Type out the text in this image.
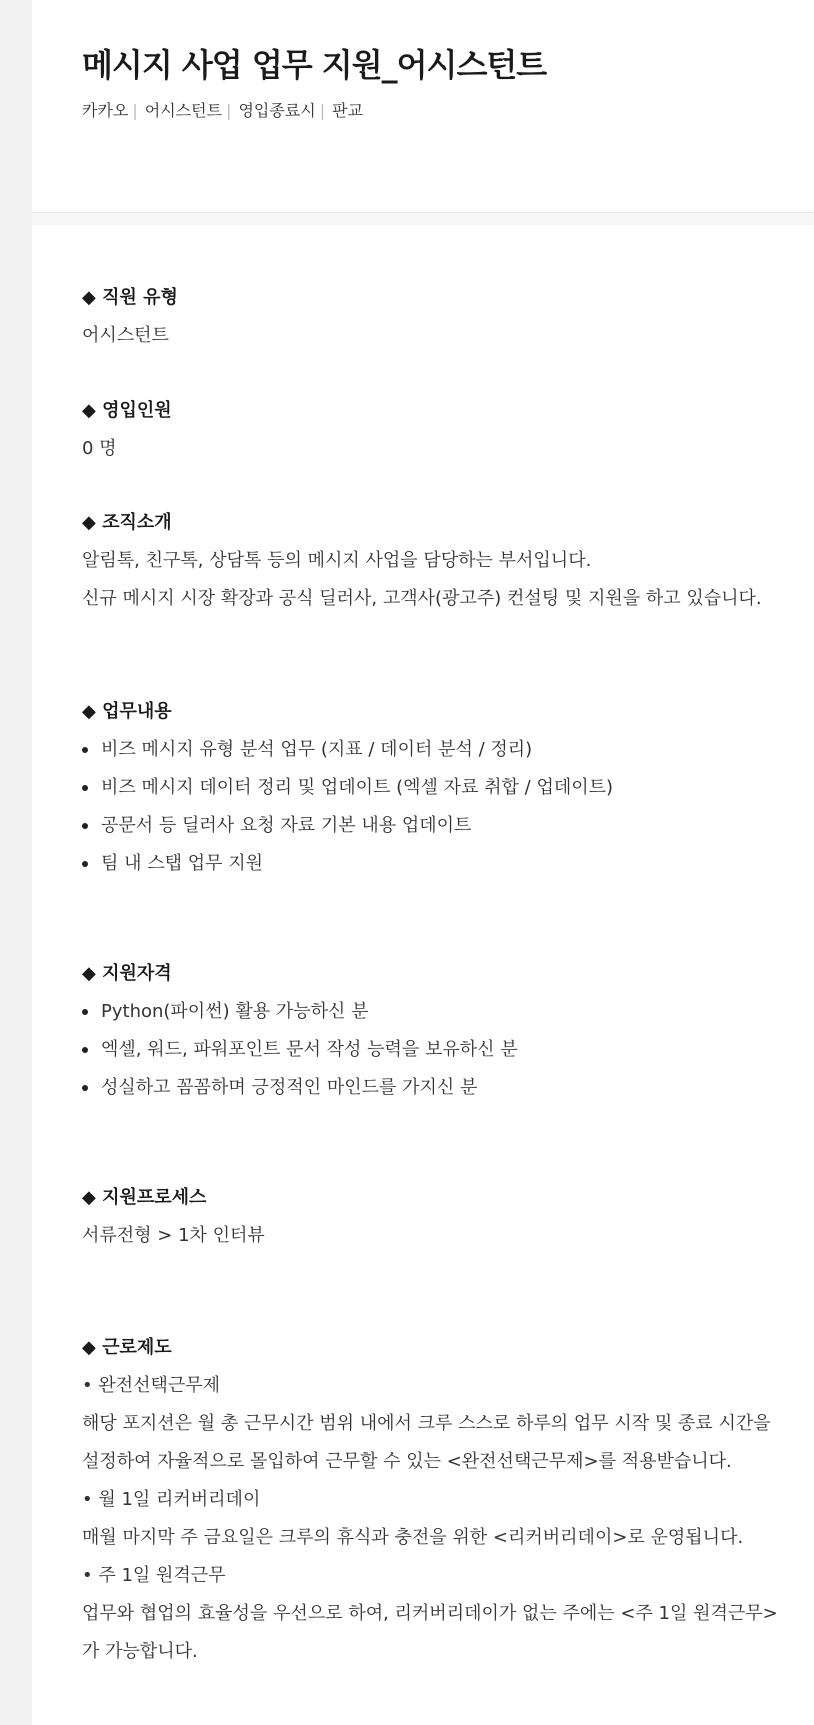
메시지 사업 업무 지원_어시스턴트
카카오 | 어시스턴트 | 영입종료시 | 판교
◆ 직원 유형

어시스턴트

◆ 영입인원

0 명

◆ 조직소개

알림톡, 친구톡, 상담톡 등의 메시지 사업을 담당하는 부서입니다.

신규 메시지 시장 확장과 공식 딜러사, 고객사(광고주) 컨설팅 및 지원을 하고 있습니다.

◆ 업무내용
비즈 메시지 유형 분석 업무 (지표 / 데이터 분석 / 정리)
비즈 메시지 데이터 정리 및 업데이트 (엑셀 자료 취합 / 업데이트)
공문서 등 딜러사 요청 자료 기본 내용 업데이트
팀 내 스탭 업무 지원
◆ 지원자격
Python(파이썬) 활용 가능하신 분
엑셀, 워드, 파워포인트 문서 작성 능력을 보유하신 분
성실하고 꼼꼼하며 긍정적인 마인드를 가지신 분
◆ 지원프로세스

서류전형 > 1차 인터뷰

◆ 근로제도

• 완전선택근무제

해당 포지션은 월 총 근무시간 범위 내에서 크루 스스로 하루의 업무 시작 및 종료 시간을

설정하여 자율적으로 몰입하여 근무할 수 있는 <완전선택근무제>를 적용받습니다.

• 월 1일 리커버리데이

매월 마지막 주 금요일은 크루의 휴식과 충전을 위한 <리커버리데이>로 운영됩니다.

• 주 1일 원격근무

업무와 협업의 효율성을 우선으로 하여, 리커버리데이가 없는 주에는 <주 1일 원격근무>

가 가능합니다.
